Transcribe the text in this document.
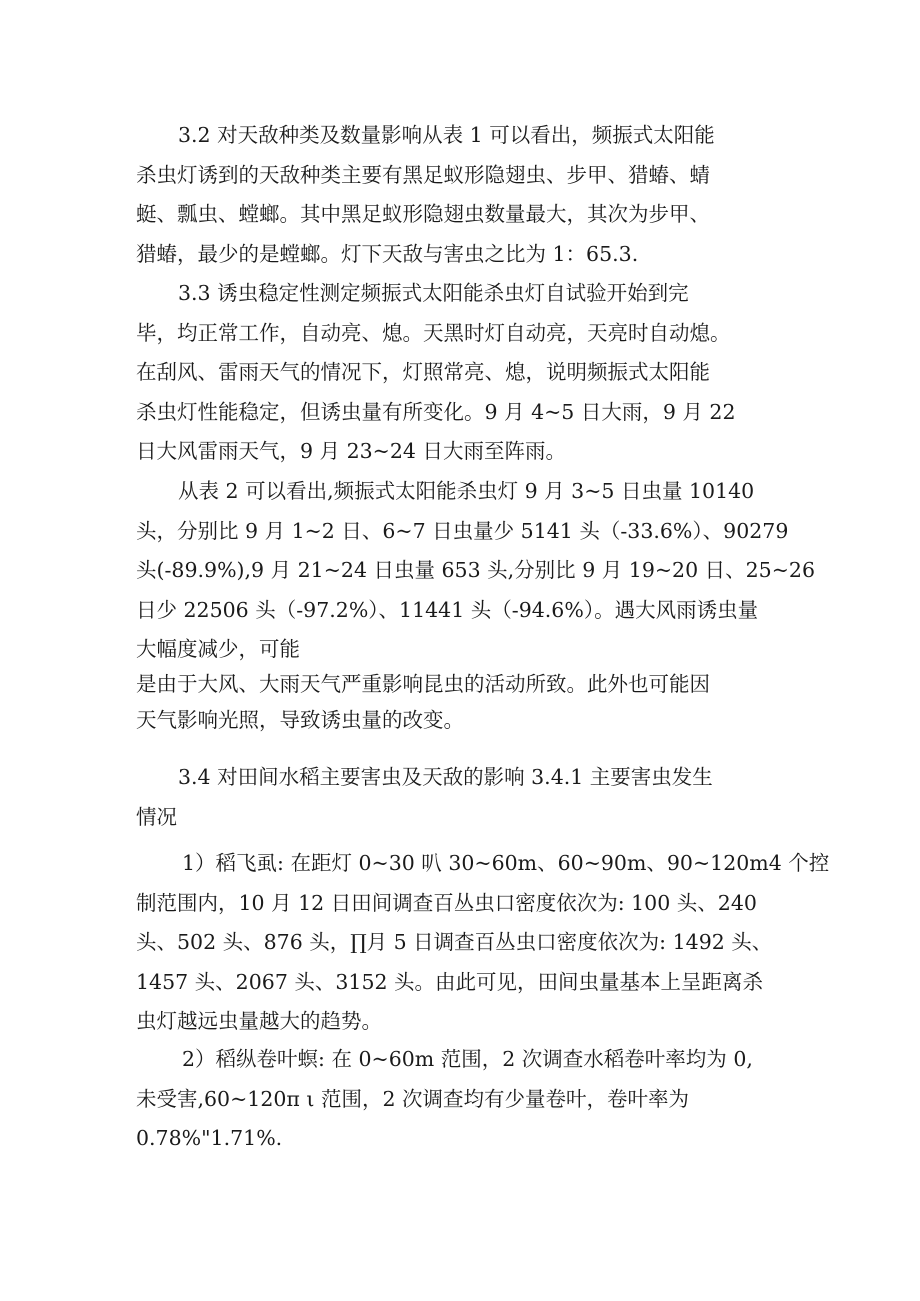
3.2 对天敌种类及数量影响从表 1 可以看出，频振式太阳能
杀虫灯诱到的天敌种类主要有黑足蚁形隐翅虫、步甲、猎蝽、蜻
蜓、瓢虫、螳螂。其中黑足蚁形隐翅虫数量最大，其次为步甲、
猎蝽，最少的是螳螂。灯下天敌与害虫之比为 1：65.3.

3.3 诱虫稳定性测定频振式太阳能杀虫灯自试验开始到完
毕，均正常工作，自动亮、熄。天黑时灯自动亮，天亮时自动熄。
在刮风、雷雨天气的情况下，灯照常亮、熄，说明频振式太阳能
杀虫灯性能稳定，但诱虫量有所变化。9 月 4~5 日大雨，9 月 22
日大风雷雨天气，9 月 23~24 日大雨至阵雨。

从表 2 可以看出,频振式太阳能杀虫灯 9 月 3~5 日虫量 10140
头，分别比 9 月 1~2 日、6~7 日虫量少 5141 头（-33.6%）、90279
头(-89.9%),9 月 21~24 日虫量 653 头,分别比 9 月 19~20 日、25~26
日少 22506 头（-97.2%）、11441 头（-94.6%）。遇大风雨诱虫量
大幅度减少，可能

是由于大风、大雨天气严重影响昆虫的活动所致。此外也可能因
天气影响光照，导致诱虫量的改变。

3.4 对田间水稻主要害虫及天敌的影响 3.4.1 主要害虫发生
情况

1）稻飞虱: 在距灯 0~30 叭 30~60m、60~90m、90~120m4 个控
制范围内，10 月 12 日田间调查百丛虫口密度依次为: 100 头、240
头、502 头、876 头，∏月 5 日调查百丛虫口密度依次为: 1492 头、
1457 头、2067 头、3152 头。由此可见，田间虫量基本上呈距离杀
虫灯越远虫量越大的趋势。

2）稻纵卷叶螟: 在 0~60m 范围，2 次调查水稻卷叶率均为 0,
未受害,60~120π ι 范围，2 次调查均有少量卷叶，卷叶率为
0.78%"1.71%.
